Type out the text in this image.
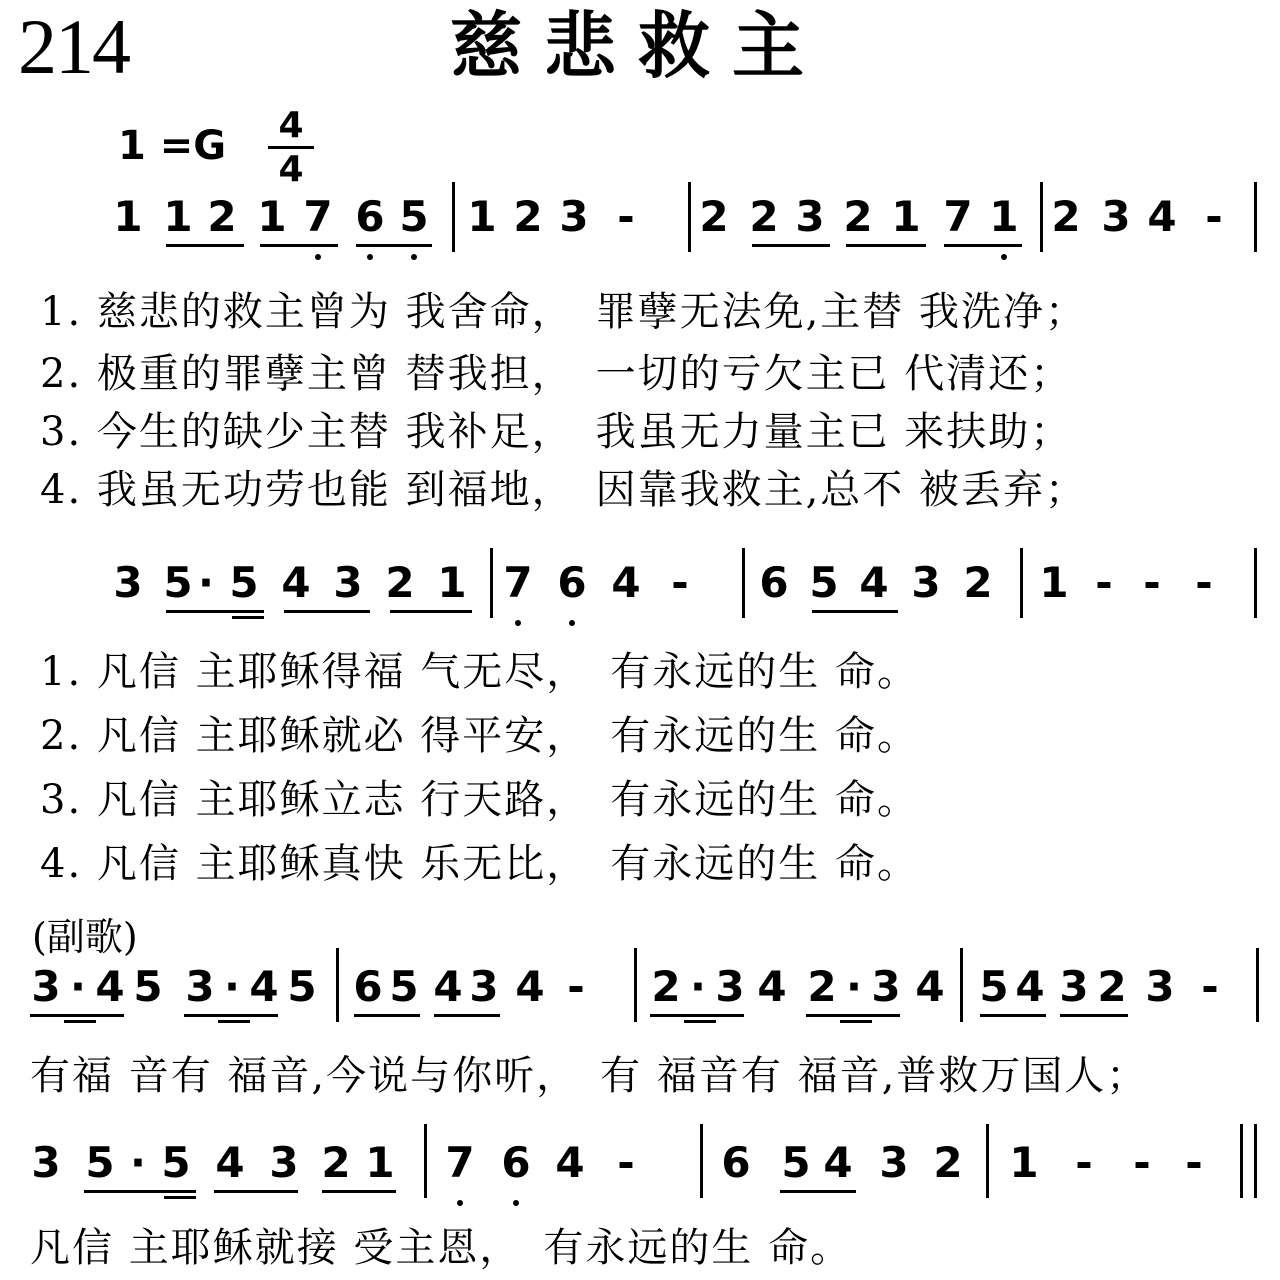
214	慈悲救主
1 =G 4
4
1 1 2 1 7 6 5 1 2 3 - 2 2 3 2 1 7 1 2 3 4 -
1. 慈悲的救主曾为 我舍命，　罪孽无法免,主替 我洗净；
2. 极重的罪孽主曾 替我担，　一切的亏欠主已 代清还；
3. 今生的缺少主替 我补足，　我虽无力量主已 来扶助；
4. 我虽无功劳也能 到福地，　因靠我救主,总不 被丢弃；
3 5 · 5 4 3 2 1 7 6 4 - 6 5 4 3 2 1 - - -
1. 凡信 主耶稣得福 气无尽，　有永远的生 命。
2. 凡信 主耶稣就必 得平安，　有永远的生 命。
3. 凡信 主耶稣立志 行天路，　有永远的生 命。
4. 凡信 主耶稣真快 乐无比，　有永远的生 命。
(副歌)
3 · 4 5 3 · 4 5 6 5 4 3 4 - 2 · 3 4 2 · 3 4 5 4 3 2 3 -
有福 音有 福音,今说与你听，　有 福音有 福音,普救万国人；
3 5 · 5 4 3 2 1 7 6 4 - 6 5 4 3 2 1 - - -
凡信 主耶稣就接 受主恩，　有永远的生 命。
